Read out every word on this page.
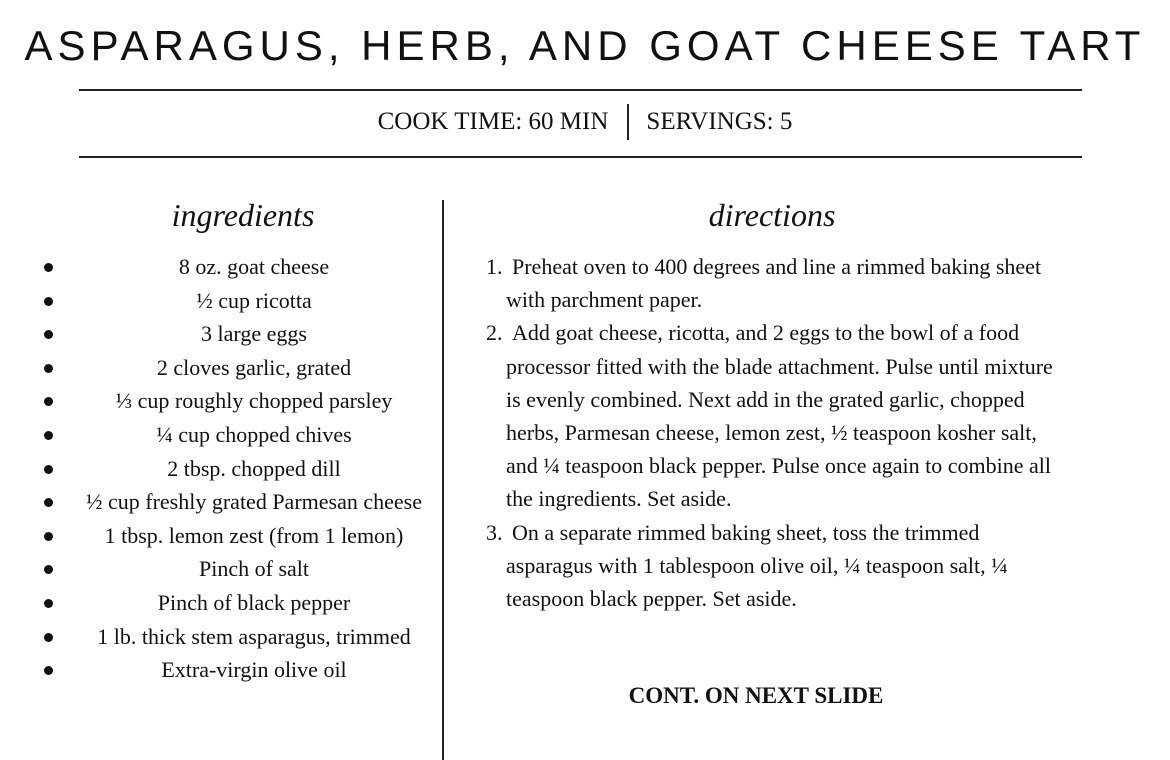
ASPARAGUS, HERB, AND GOAT CHEESE TART
COOK TIME: 60 MIN SERVINGS: 5
ingredients	directions
8 oz. goat cheese
½ cup ricotta
3 large eggs
2 cloves garlic, grated
⅓ cup roughly chopped parsley
¼ cup chopped chives
2 tbsp. chopped dill
½ cup freshly grated Parmesan cheese
1 tbsp. lemon zest (from 1 lemon)
Pinch of salt
Pinch of black pepper
1 lb. thick stem asparagus, trimmed
Extra-virgin olive oil
1. Preheat oven to 400 degrees and line a rimmed baking sheet with parchment paper.
2. Add goat cheese, ricotta, and 2 eggs to the bowl of a food processor fitted with the blade attachment. Pulse until mixture is evenly combined. Next add in the grated garlic, chopped herbs, Parmesan cheese, lemon zest, ½ teaspoon kosher salt, and ¼ teaspoon black pepper. Pulse once again to combine all the ingredients. Set aside.
3. On a separate rimmed baking sheet, toss the trimmed asparagus with 1 tablespoon olive oil, ¼ teaspoon salt, ¼ teaspoon black pepper. Set aside.
CONT. ON NEXT SLIDE
